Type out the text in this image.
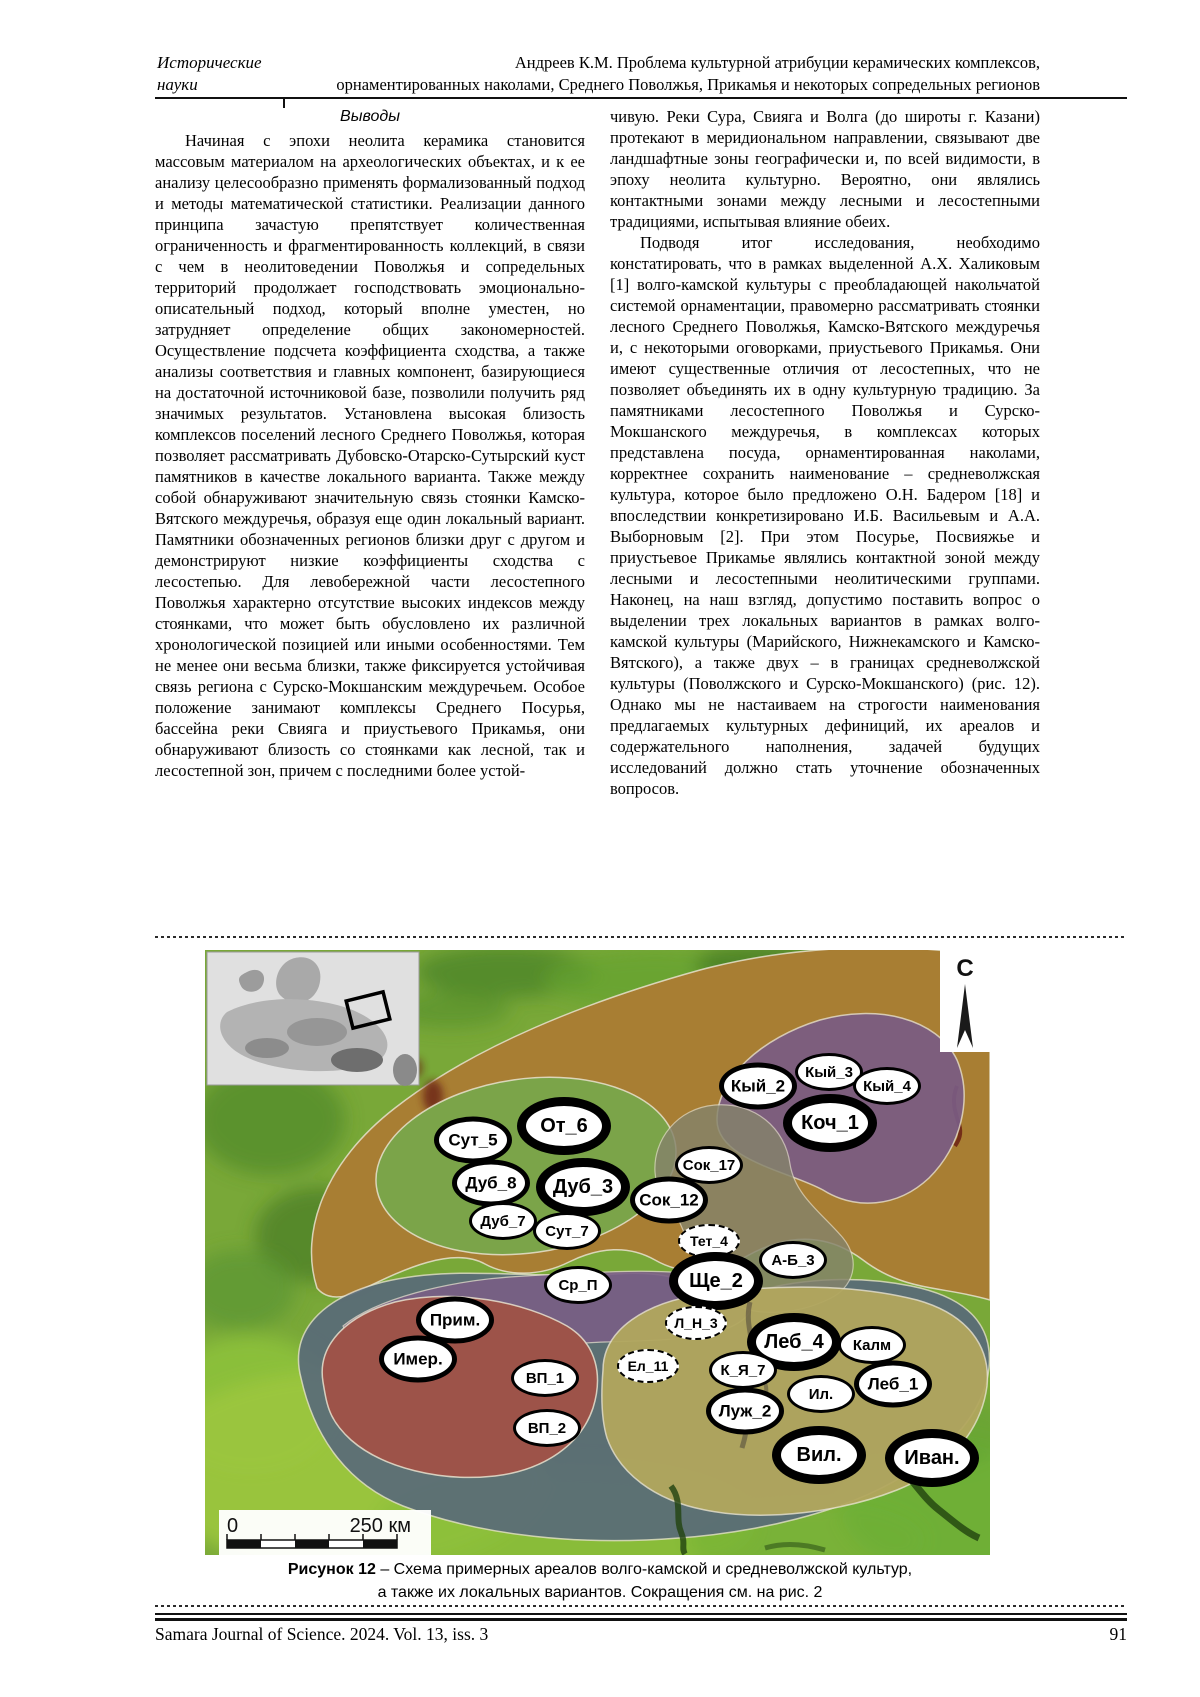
Исторические
науки
Андреев К.М. Проблема культурной атрибуции керамических комплексов,
орнаментированных наколами, Среднего Поволжья, Прикамья и некоторых сопредельных регионов
Выводы

Начиная с эпохи неолита керамика становится массовым материалом на археологических объектах, и к ее анализу целесообразно применять формализованный подход и методы математической статистики. Реализации данного принципа зачастую препятствует количественная ограниченность и фрагментированность коллекций, в связи с чем в неолитоведении Поволжья и сопредельных территорий продолжает господствовать эмоционально-описательный подход, который вполне уместен, но затрудняет определение общих закономерностей. Осуществление подсчета коэффициента сходства, а также анализы соответствия и главных компонент, базирующиеся на достаточной источниковой базе, позволили получить ряд значимых результатов. Установлена высокая близость комплексов поселений лесного Среднего Поволжья, которая позволяет рассматривать Дубовско-Отарско-Сутырский куст памятников в качестве локального варианта. Также между собой обнаруживают значительную связь стоянки Камско-Вятского междуречья, образуя еще один локальный вариант. Памятники обозначенных регионов близки друг с другом и демонстрируют низкие коэффициенты сходства с лесостепью. Для левобережной части лесостепного Поволжья характерно отсутствие высоких индексов между стоянками, что может быть обусловлено их различной хронологической позицией или иными особенностями. Тем не менее они весьма близки, также фиксируется устойчивая связь региона с Сурско-Мокшанским междуречьем. Особое положение занимают комплексы Среднего Посурья, бассейна реки Свияга и приустьевого Прикамья, они обнаруживают близость со стоянками как лесной, так и лесостепной зон, причем с последними более устой-

чивую. Реки Сура, Свияга и Волга (до широты г. Казани) протекают в меридиональном направлении, связывают две ландшафтные зоны географически и, по всей видимости, в эпоху неолита культурно. Вероятно, они являлись контактными зонами между лесными и лесостепными традициями, испытывая влияние обеих.

Подводя итог исследования, необходимо констатировать, что в рамках выделенной А.Х. Халиковым [1] волго-камской культуры с преобладающей накольчатой системой орнаментации, правомерно рассматривать стоянки лесного Среднего Поволжья, Камско-Вятского междуречья и, с некоторыми оговорками, приустьевого Прикамья. Они имеют существенные отличия от лесостепных, что не позволяет объединять их в одну культурную традицию. За памятниками лесостепного Поволжья и Сурско-Мокшанского междуречья, в комплексах которых представлена посуда, орнаментированная наколами, корректнее сохранить наименование – средневолжская культура, которое было предложено О.Н. Бадером [18] и впоследствии конкретизировано И.Б. Васильевым и А.А. Выборновым [2]. При этом Посурье, Посвияжье и приустьевое Прикамье являлись контактной зоной между лесными и лесостепными неолитическими группами. Наконец, на наш взгляд, допустимо поставить вопрос о выделении трех локальных вариантов в рамках волго-камской культуры (Марийского, Нижнекамского и Камско-Вятского), а также двух – в границах средневолжской культуры (Поволжского и Сурско-Мокшанского) (рис. 12). Однако мы не настаиваем на строгости наименования предлагаемых культурных дефиниций, их ареалов и содержательного наполнения, задачей будущих исследований должно стать уточнение обозначенных вопросов.

С
0	250 км
Сут_5
От_6
Дуб_8	Дуб_3
Дуб_7
Сут_7
Сок_17
Сок_12
Тет_4
А-Б_3
Ще_2
Ср_П
Л_Н_3
Кый_2
Кый_3
Кый_4
Коч_1
Прим.
Имер.
ВП_1
ВП_2
Ел_11
Леб_4	Калм
К_Я_7
Ил.
Леб_1
Луж_2
Вил.	Иван.
Рисунок 12 – Схема примерных ареалов волго-камской и средневолжской культур,
а также их локальных вариантов. Сокращения см. на рис. 2
Samara Journal of Science. 2024. Vol. 13, iss. 3	91
